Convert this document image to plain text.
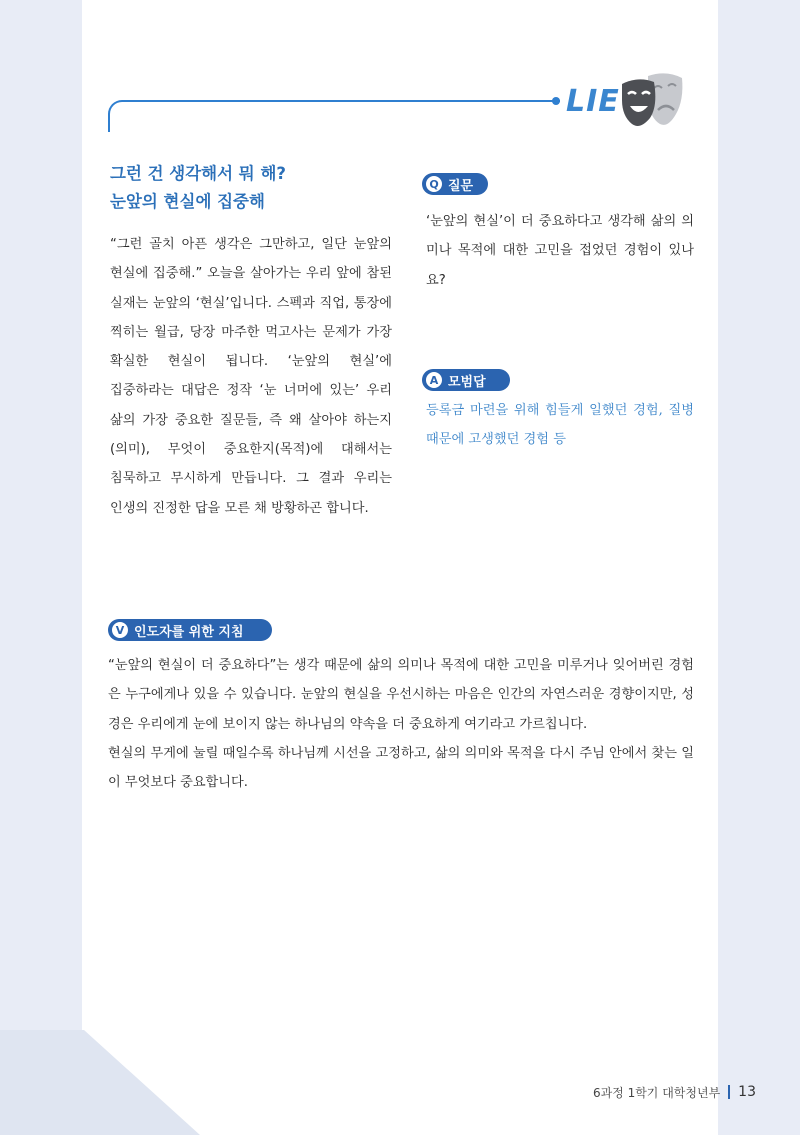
LIE
그런 건 생각해서 뭐 해?
눈앞의 현실에 집중해

“그런 골치 아픈 생각은 그만하고, 일단 눈앞의 현실에 집중해.” 오늘을 살아가는 우리 앞에 참된 실재는 눈앞의 ‘현실’입니다. 스펙과 직업, 통장에 찍히는 월급, 당장 마주한 먹고사는 문제가 가장 확실한 현실이 됩니다. ‘눈앞의 현실’에 집중하라는 대답은 정작 ‘눈 너머에 있는’ 우리 삶의 가장 중요한 질문들, 즉 왜 살아야 하는지(의미), 무엇이 중요한지(목적)에 대해서는 침묵하고 무시하게 만듭니다. 그 결과 우리는 인생의 진정한 답을 모른 채 방황하곤 합니다.

Q 질문

‘눈앞의 현실’이 더 중요하다고 생각해 삶의 의미나 목적에 대한 고민을 접었던 경험이 있나요?

A 모범답

등록금 마련을 위해 힘들게 일했던 경험, 질병 때문에 고생했던 경험 등

V 인도자를 위한 지침

“눈앞의 현실이 더 중요하다”는 생각 때문에 삶의 의미나 목적에 대한 고민을 미루거나 잊어버린 경험은 누구에게나 있을 수 있습니다. 눈앞의 현실을 우선시하는 마음은 인간의 자연스러운 경향이지만, 성경은 우리에게 눈에 보이지 않는 하나님의 약속을 더 중요하게 여기라고 가르칩니다.

현실의 무게에 눌릴 때일수록 하나님께 시선을 고정하고, 삶의 의미와 목적을 다시 주님 안에서 찾는 일이 무엇보다 중요합니다.

6과정 1학기 대학청년부 13
